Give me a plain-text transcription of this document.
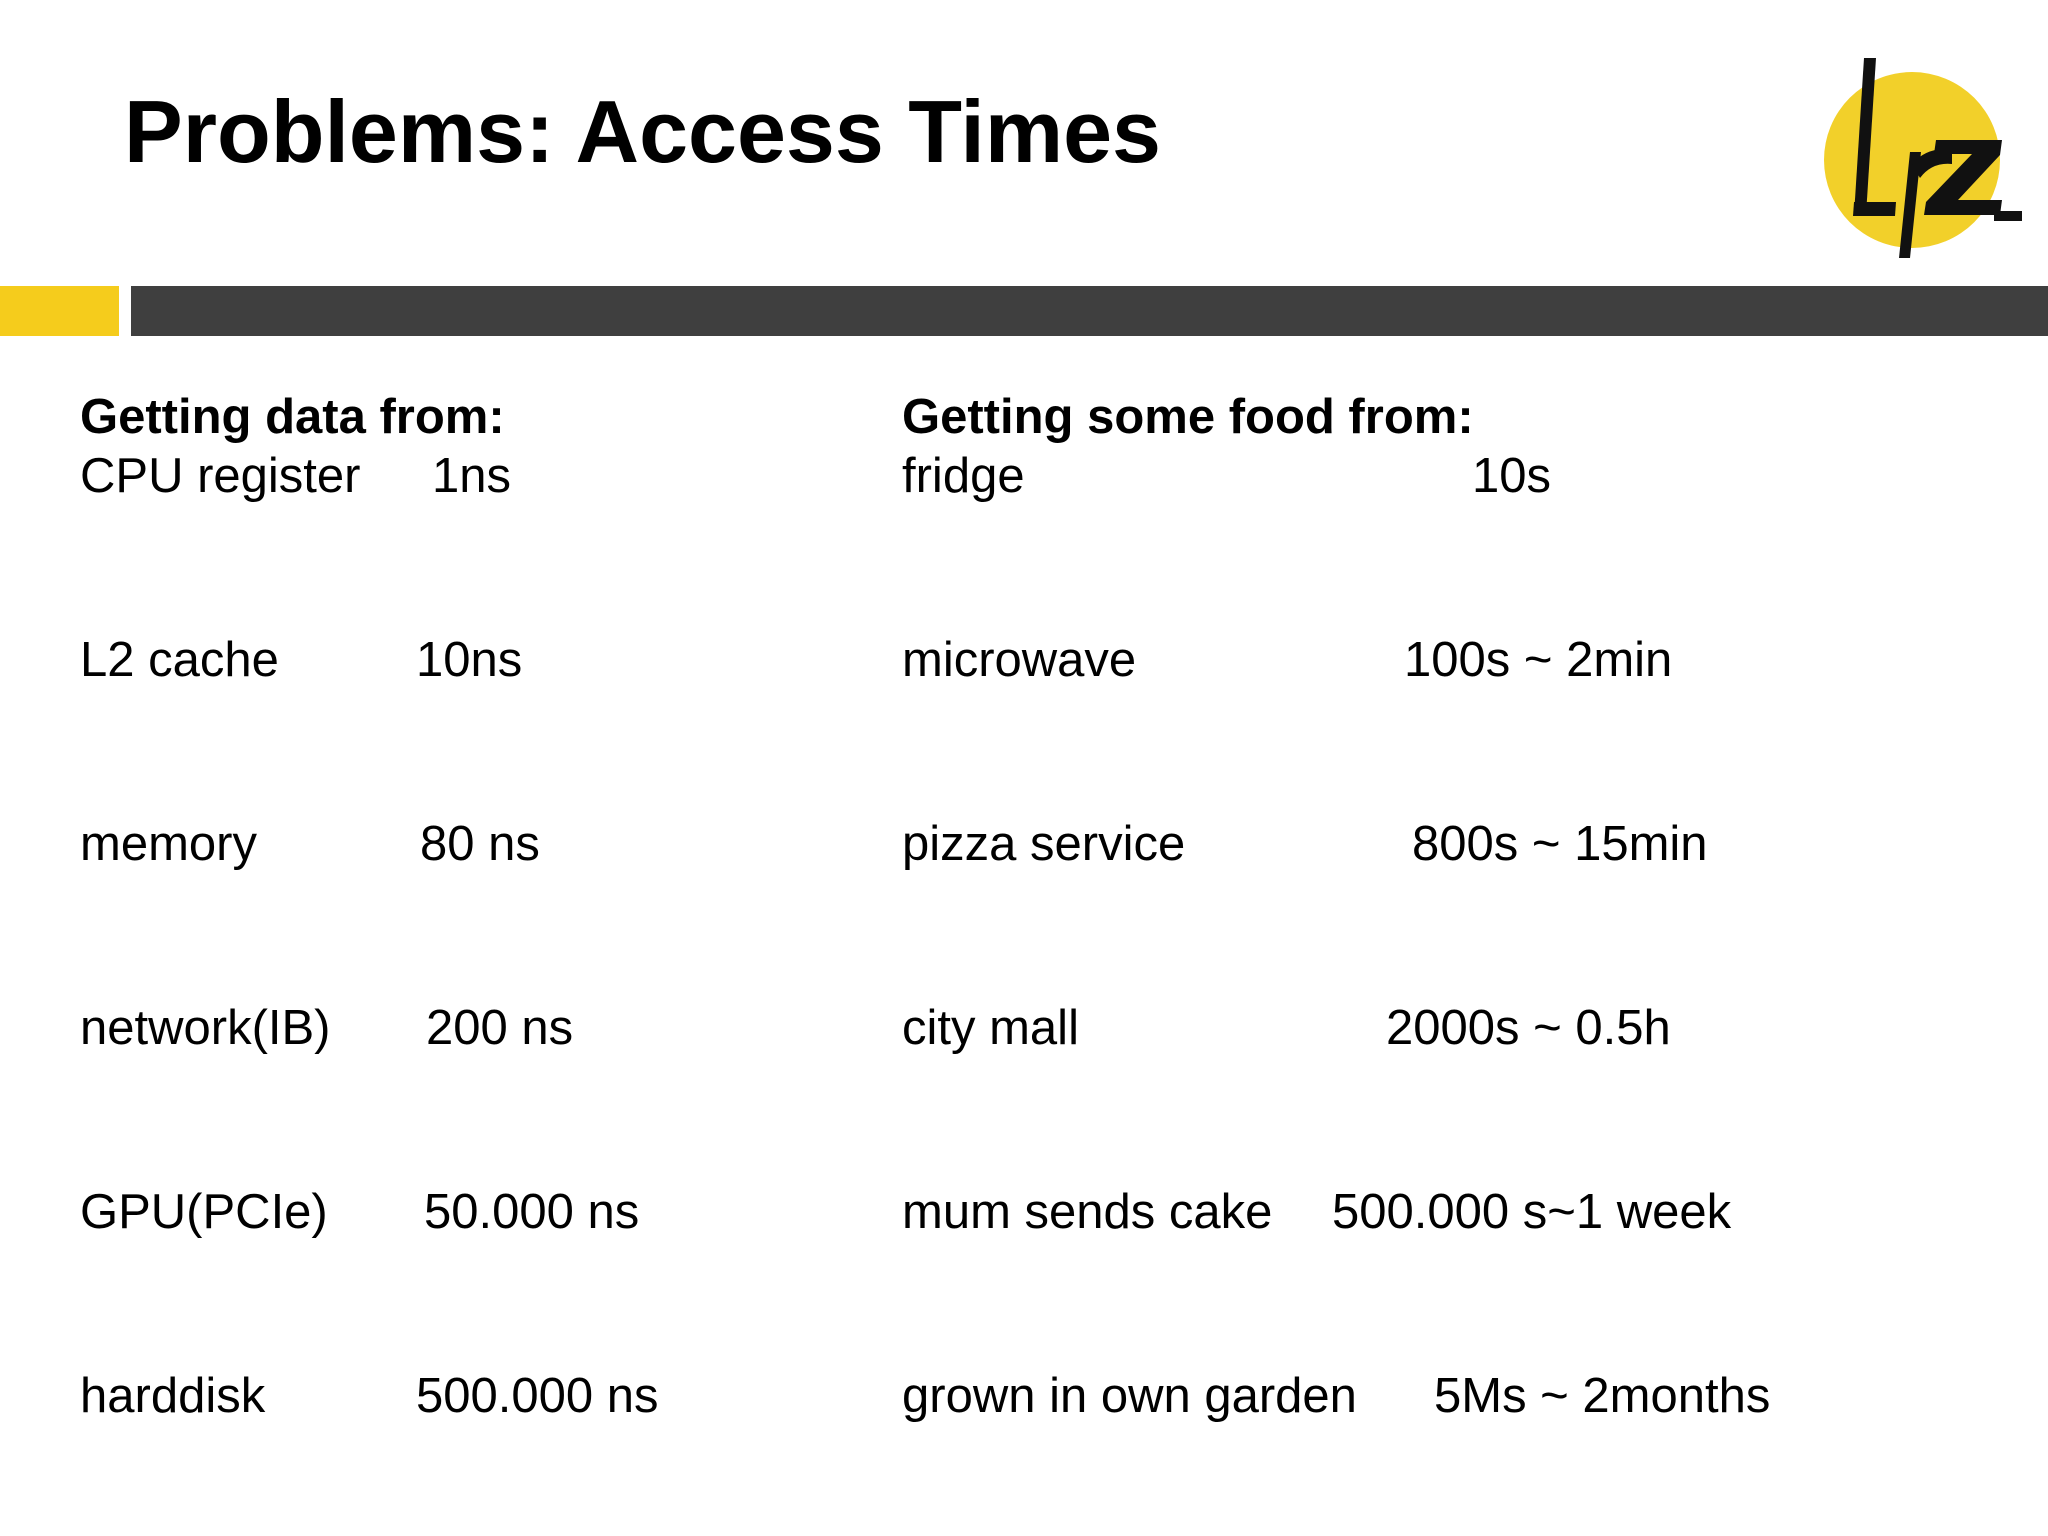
Problems: Access Times
Getting data from:
CPU register 1ns
L2 cache	10ns
memory	80 ns
network(IB) 200 ns
GPU(PCIe) 50.000 ns
harddisk	500.000 ns
Getting some food from:
fridge	10s
microwave	100s ~ 2min
pizza service	800s ~ 15min
city mall	2000s ~ 0.5h
mum sends cake 500.000 s~1 week
grown in own garden 5Ms ~ 2months
